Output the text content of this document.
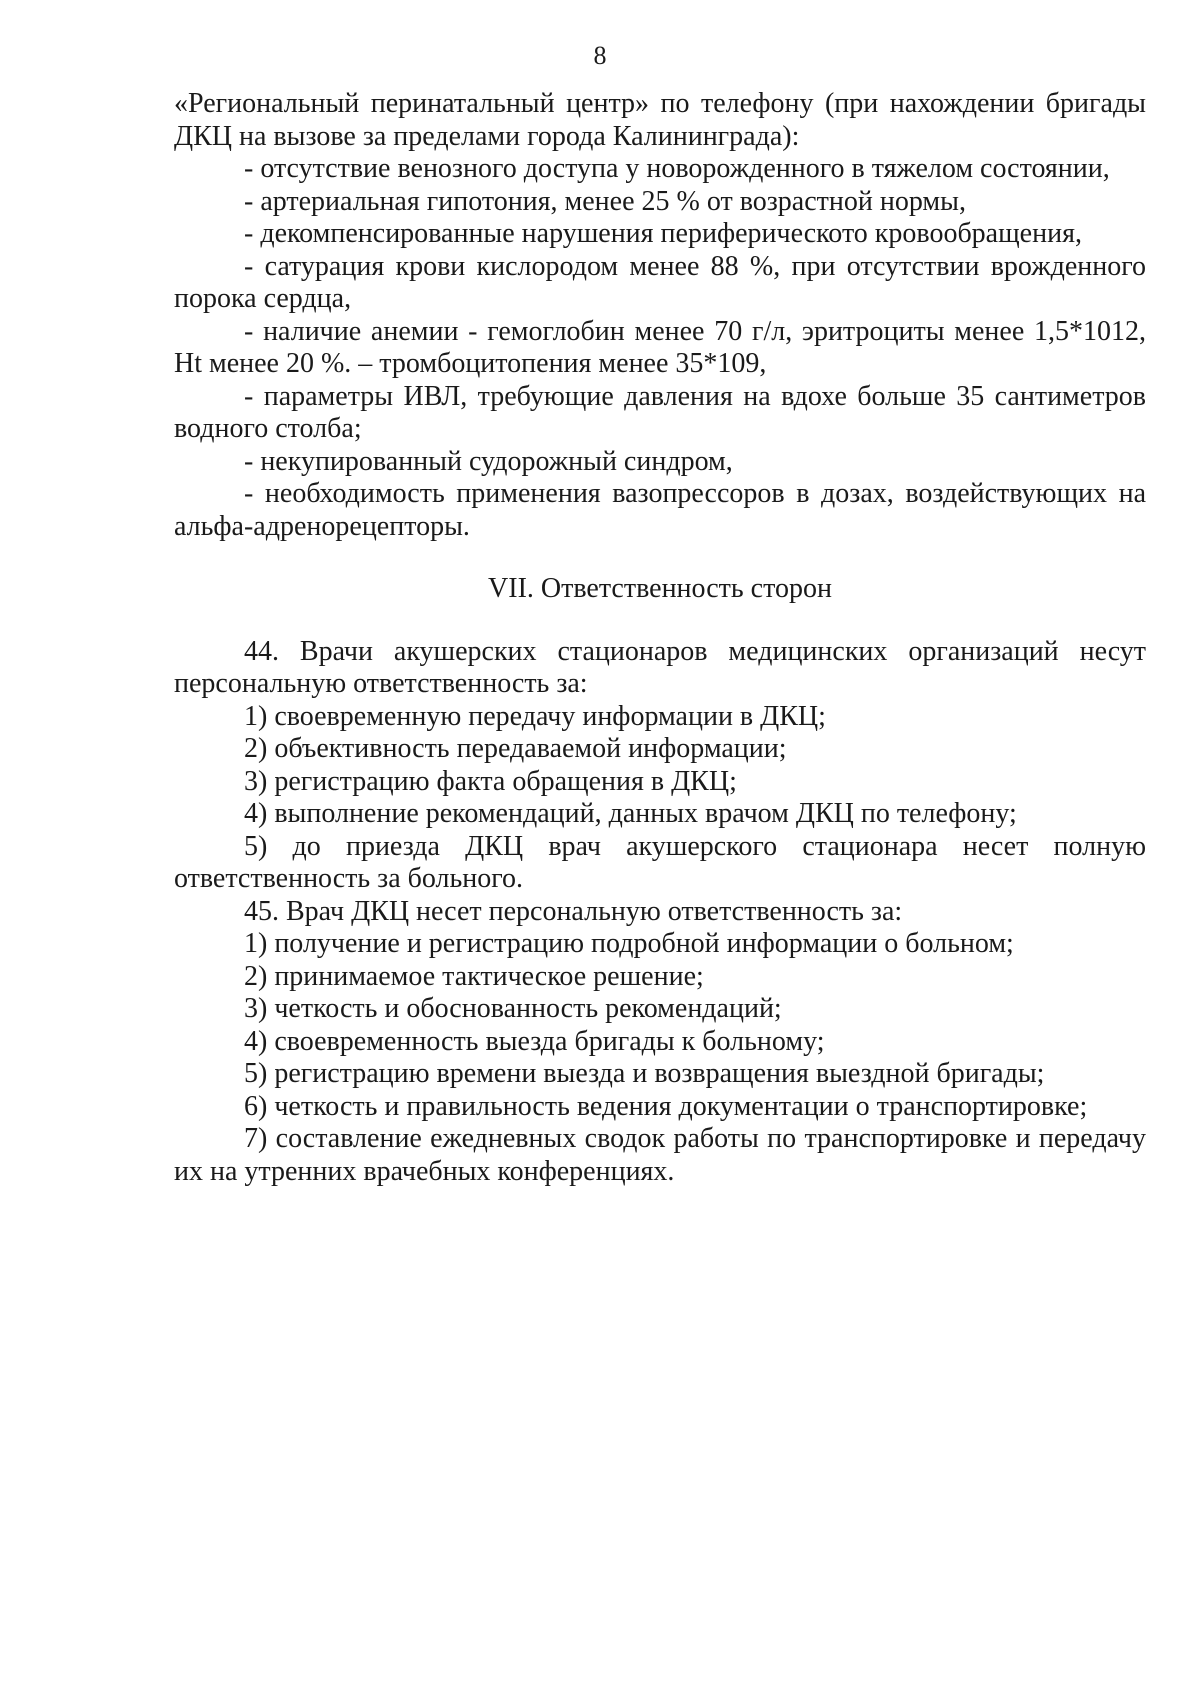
8

«Региональный перинатальный центр» по телефону (при нахождении бригады ДКЦ на вызове за пределами города Калининграда):

- отсутствие венозного доступа у новорожденного в тяжелом состоянии,

- артериальная гипотония, менее 25 % от возрастной нормы,

- декомпенсированные нарушения периферическото кровообращения,

- сатурация крови кислородом менее 88 %, при отсутствии врожденного порока сердца,

- наличие анемии - гемоглобин менее 70 г/л, эритроциты менее 1,5*1012, Ht менее 20 %. – тромбоцитопения менее 35*109,

- параметры ИВЛ, требующие давления на вдохе больше 35 сантиметров водного столба;

- некупированный судорожный синдром,

- необходимость применения вазопрессоров в дозах, воздействующих на альфа-адренорецепторы.

VII. Ответственность сторон

44. Врачи акушерских стационаров медицинских организаций несут персональную ответственность за:

1) своевременную передачу информации в ДКЦ;

2) объективность передаваемой информации;

3) регистрацию факта обращения в ДКЦ;

4) выполнение рекомендаций, данных врачом ДКЦ по телефону;

5) до приезда ДКЦ врач акушерского стационара несет полную ответственность за больного.

45. Врач ДКЦ несет персональную ответственность за:

1) получение и регистрацию подробной информации о больном;

2) принимаемое тактическое решение;

3) четкость и обоснованность рекомендаций;

4) своевременность выезда бригады к больному;

5) регистрацию времени выезда и возвращения выездной бригады;

6) четкость и правильность ведения документации о транспортировке;

7) составление ежедневных сводок работы по транспортировке и передачу их на утренних врачебных конференциях.
